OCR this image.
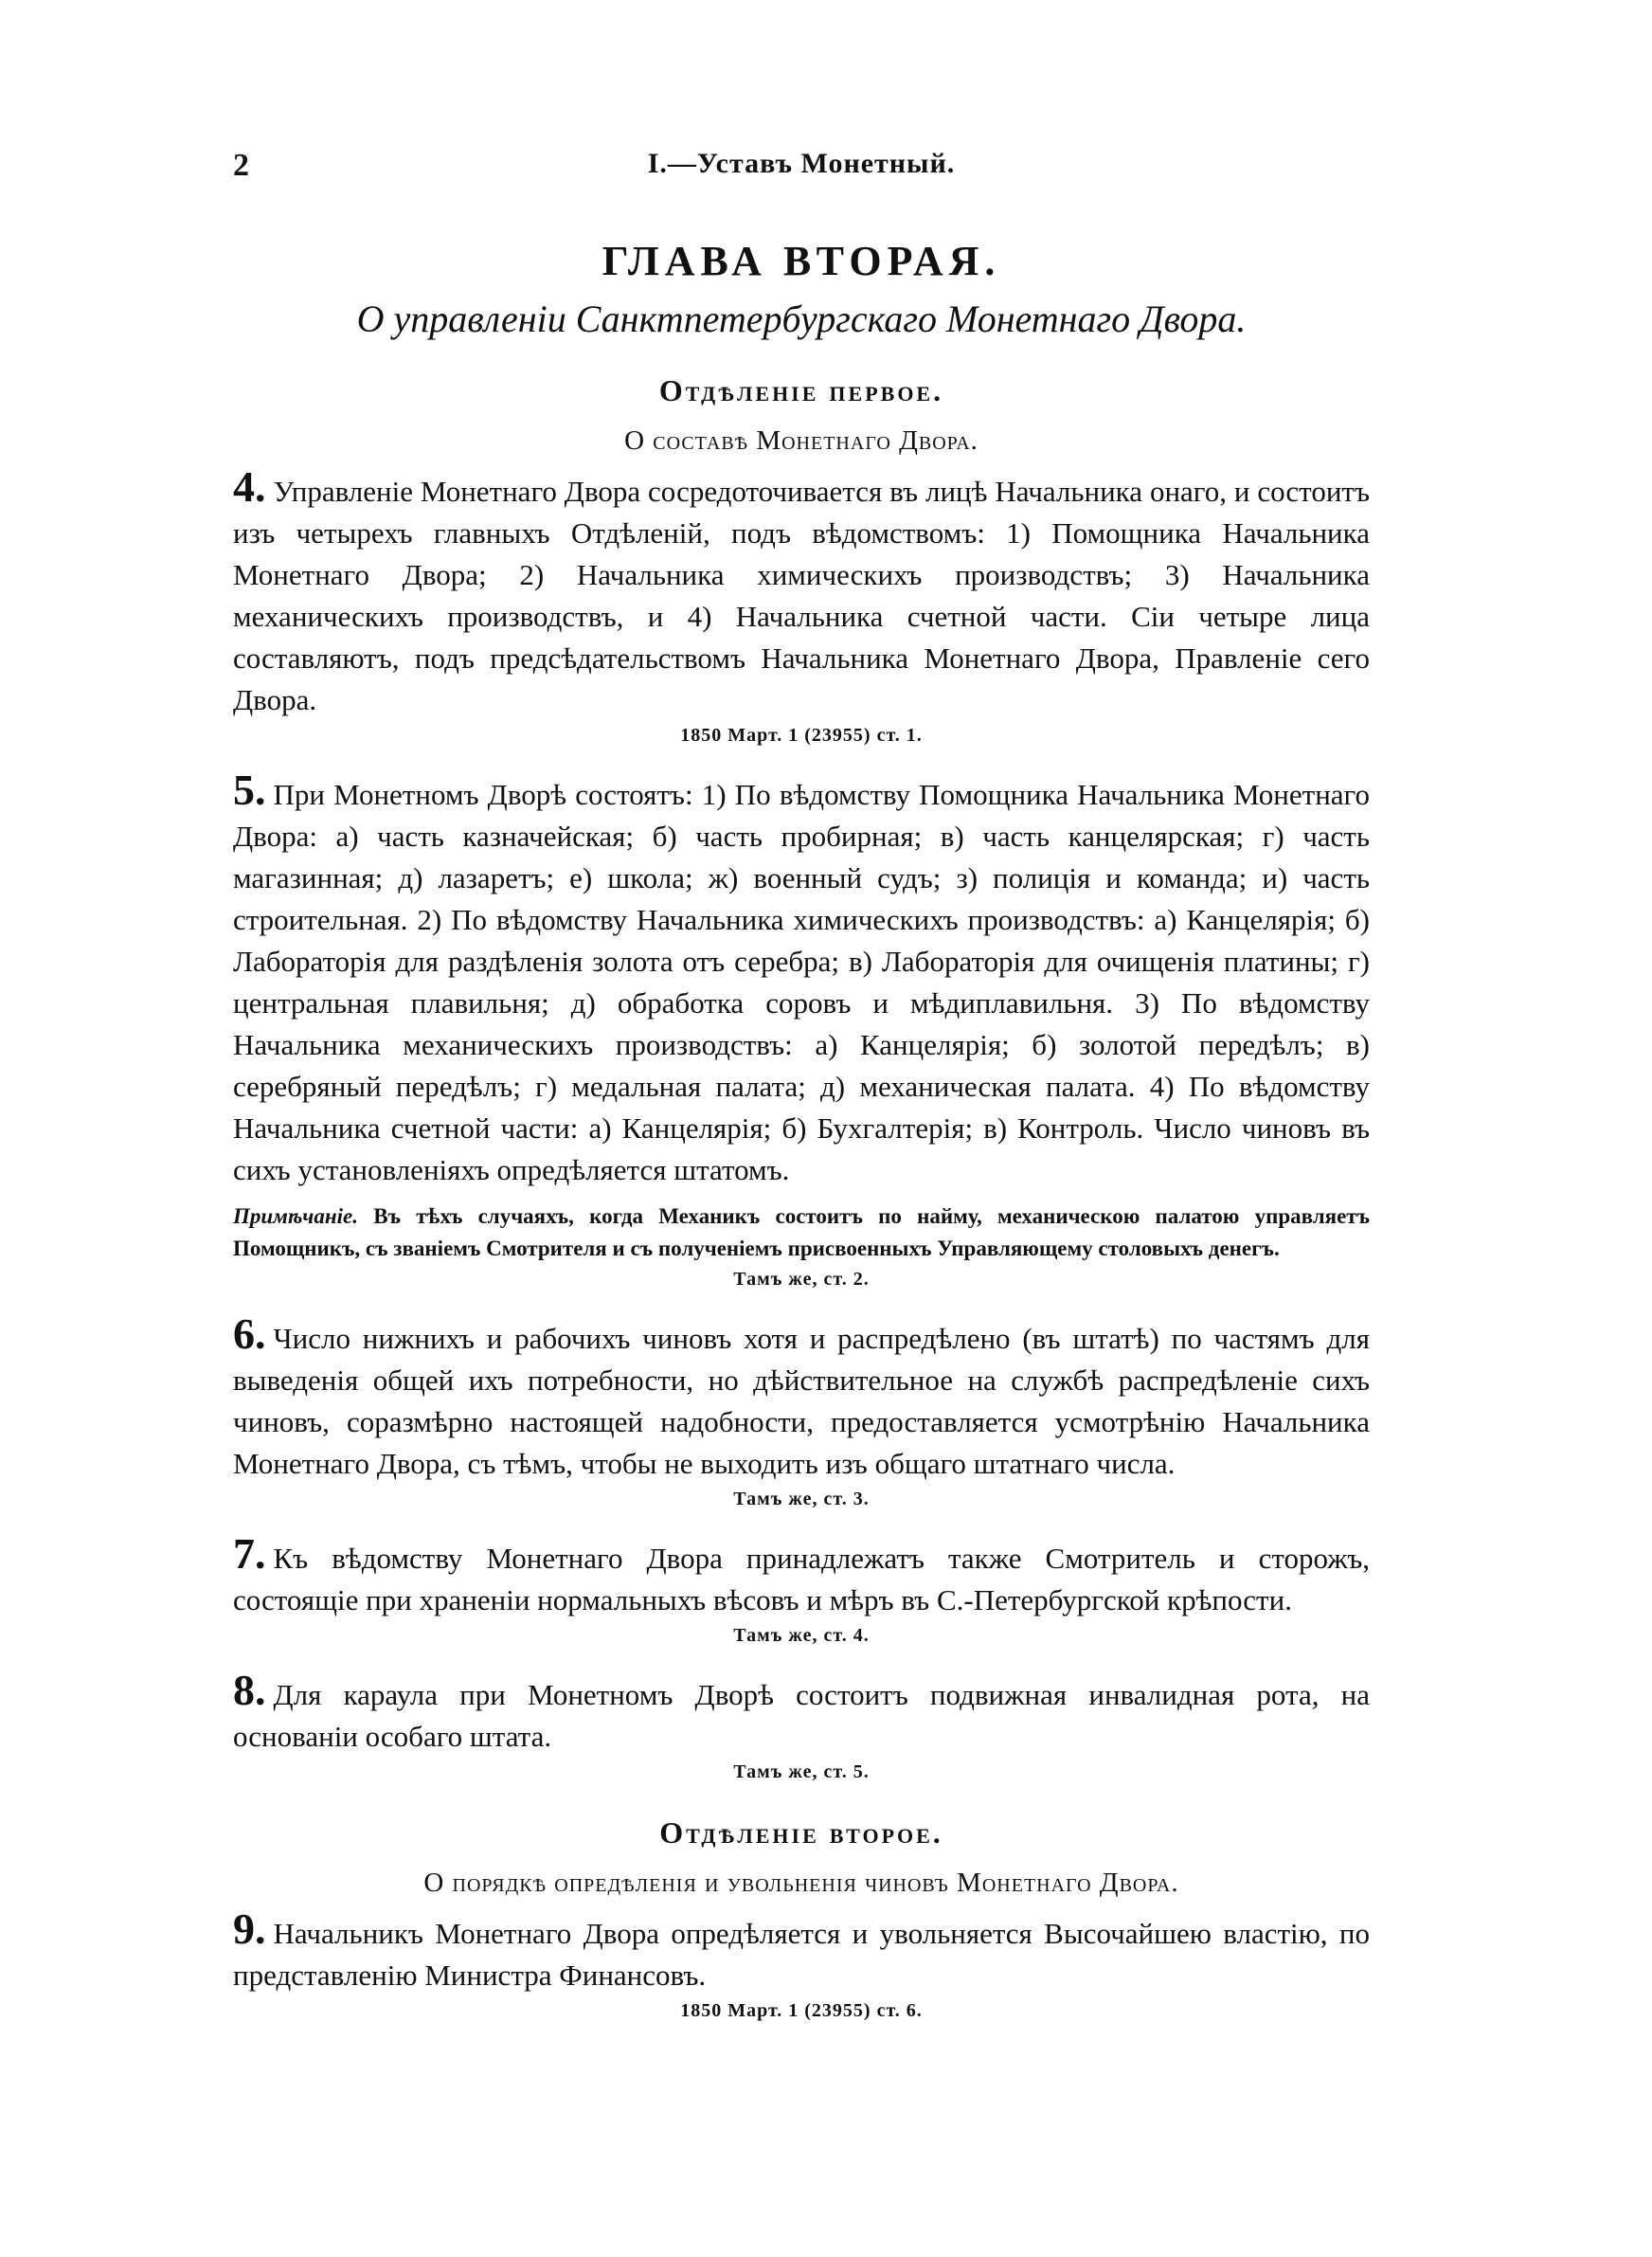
2	I.—Уставъ Монетный.
ГЛАВА ВТОРАЯ.
О управленіи Санктпетербургскаго Монетнаго Двора.
Отдѣленіе первое.
О составѣ Монетнаго Двора.
4. Управленіе Монетнаго Двора сосредоточивается въ лицѣ Начальника онаго, и состоитъ изъ четырехъ главныхъ Отдѣленій, подъ вѣдомствомъ: 1) Помощника Начальника Монетнаго Двора; 2) Начальника химическихъ производствъ; 3) Начальника механическихъ производствъ, и 4) Начальника счетной части. Сіи четыре лица составляютъ, подъ предсѣдательствомъ Начальника Монетнаго Двора, Правленіе сего Двора.
1850 Март. 1 (23955) ст. 1.
5. При Монетномъ Дворѣ состоятъ: 1) По вѣдомству Помощника Начальника Монетнаго Двора: а) часть казначейская; б) часть пробирная; в) часть канцелярская; г) часть магазинная; д) лазаретъ; е) школа; ж) военный судъ; з) полиція и команда; и) часть строительная. 2) По вѣдомству Начальника химическихъ производствъ: а) Канцелярія; б) Лабораторія для раздѣленія золота отъ серебра; в) Лабораторія для очищенія платины; г) центральная плавильня; д) обработка соровъ и мѣдиплавильня. 3) По вѣдомству Начальника механическихъ производствъ: а) Канцелярія; б) золотой передѣлъ; в) серебряный передѣлъ; г) медальная палата; д) механическая палата. 4) По вѣдомству Начальника счетной части: а) Канцелярія; б) Бухгалтерія; в) Контроль. Число чиновъ въ сихъ установленіяхъ опредѣляется штатомъ.
Примѣчаніе. Въ тѣхъ случаяхъ, когда Механикъ состоитъ по найму, механическою палатою управляетъ Помощникъ, съ званіемъ Смотрителя и съ полученіемъ присвоенныхъ Управляющему столовыхъ денегъ.
Тамъ же, ст. 2.
6. Число нижнихъ и рабочихъ чиновъ хотя и распредѣлено (въ штатѣ) по частямъ для выведенія общей ихъ потребности, но дѣйствительное на службѣ распредѣленіе сихъ чиновъ, соразмѣрно настоящей надобности, предоставляется усмотрѣнію Начальника Монетнаго Двора, съ тѣмъ, чтобы не выходить изъ общаго штатнаго числа.
Тамъ же, ст. 3.
7. Къ вѣдомству Монетнаго Двора принадлежатъ также Смотритель и сторожъ, состоящіе при храненіи нормальныхъ вѣсовъ и мѣръ въ С.-Петербургской крѣпости.
Тамъ же, ст. 4.
8. Для караула при Монетномъ Дворѣ состоитъ подвижная инвалидная рота, на основаніи особаго штата.
Тамъ же, ст. 5.
Отдѣленіе второе.
О порядкѣ опредѣленія и увольненія чиновъ Монетнаго Двора.
9. Начальникъ Монетнаго Двора опредѣляется и увольняется Высочайшею властію, по представленію Министра Финансовъ.
1850 Март. 1 (23955) ст. 6.
